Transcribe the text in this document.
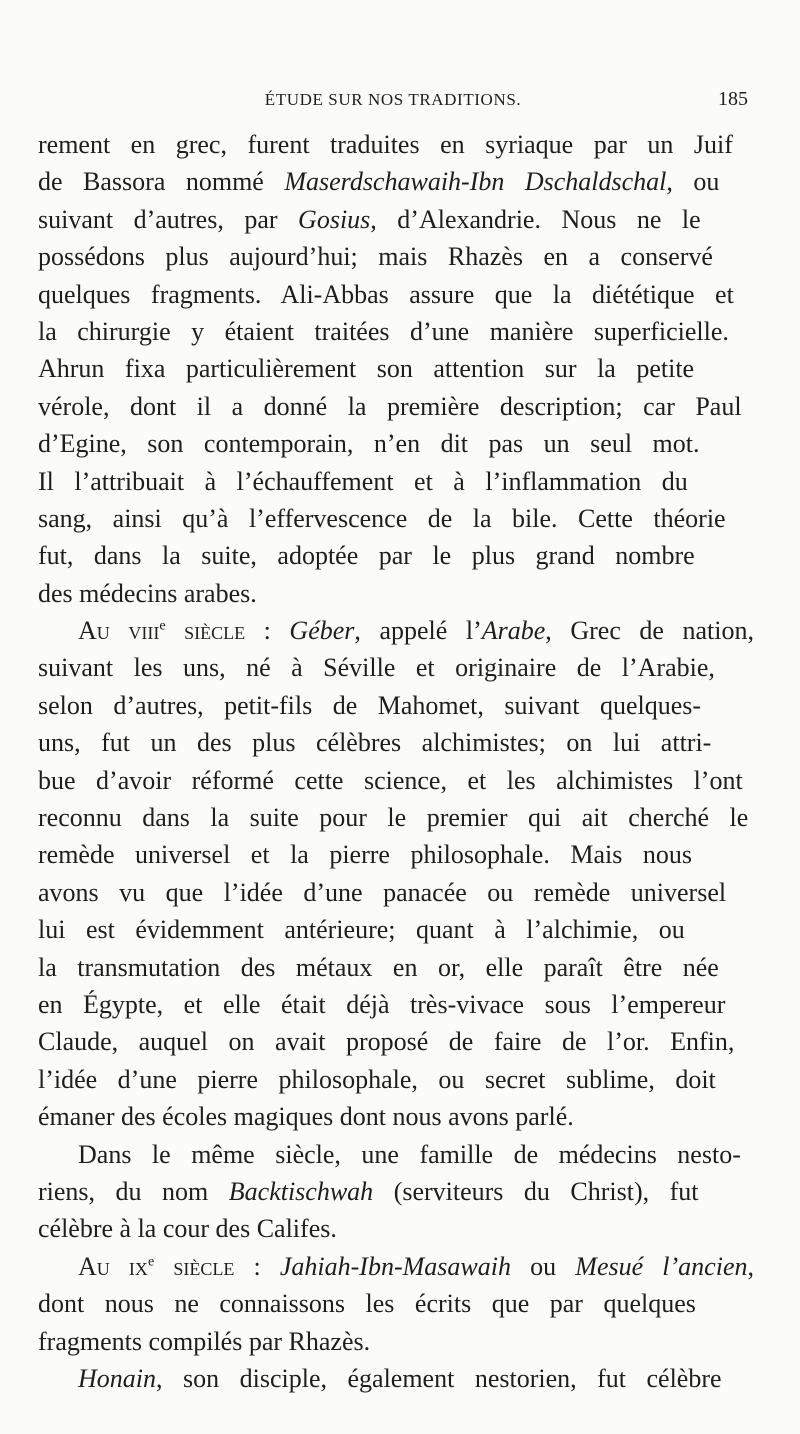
ÉTUDE SUR NOS TRADITIONS.	185
rement en grec, furent traduites en syriaque par un Juif
de Bassora nommé Maserdschawaih-Ibn Dschaldschal, ou
suivant d’autres, par Gosius, d’Alexandrie. Nous ne le
possédons plus aujourd’hui; mais Rhazès en a conservé
quelques fragments. Ali-Abbas assure que la diététique et
la chirurgie y étaient traitées d’une manière superficielle.
Ahrun fixa particulièrement son attention sur la petite
vérole, dont il a donné la première description; car Paul
d’Egine, son contemporain, n’en dit pas un seul mot.
Il l’attribuait à l’échauffement et à l’inflammation du
sang, ainsi qu’à l’effervescence de la bile. Cette théorie
fut, dans la suite, adoptée par le plus grand nombre
des médecins arabes.
Au viii$^e$ siècle : Géber, appelé l’Arabe, Grec de nation,
suivant les uns, né à Séville et originaire de l’Arabie,
selon d’autres, petit-fils de Mahomet, suivant quelques-
uns, fut un des plus célèbres alchimistes; on lui attri-
bue d’avoir réformé cette science, et les alchimistes l’ont
reconnu dans la suite pour le premier qui ait cherché le
remède universel et la pierre philosophale. Mais nous
avons vu que l’idée d’une panacée ou remède universel
lui est évidemment antérieure; quant à l’alchimie, ou
la transmutation des métaux en or, elle paraît être née
en Égypte, et elle était déjà très-vivace sous l’empereur
Claude, auquel on avait proposé de faire de l’or. Enfin,
l’idée d’une pierre philosophale, ou secret sublime, doit
émaner des écoles magiques dont nous avons parlé.
Dans le même siècle, une famille de médecins nesto-
riens, du nom Backtischwah (serviteurs du Christ), fut
célèbre à la cour des Califes.
Au $ix^e$ siècle : Jahiah-Ibn-Masawaih ou Mesué l’ancien,
dont nous ne connaissons les écrits que par quelques
fragments compilés par Rhazès.
Honain, son disciple, également nestorien, fut célèbre
